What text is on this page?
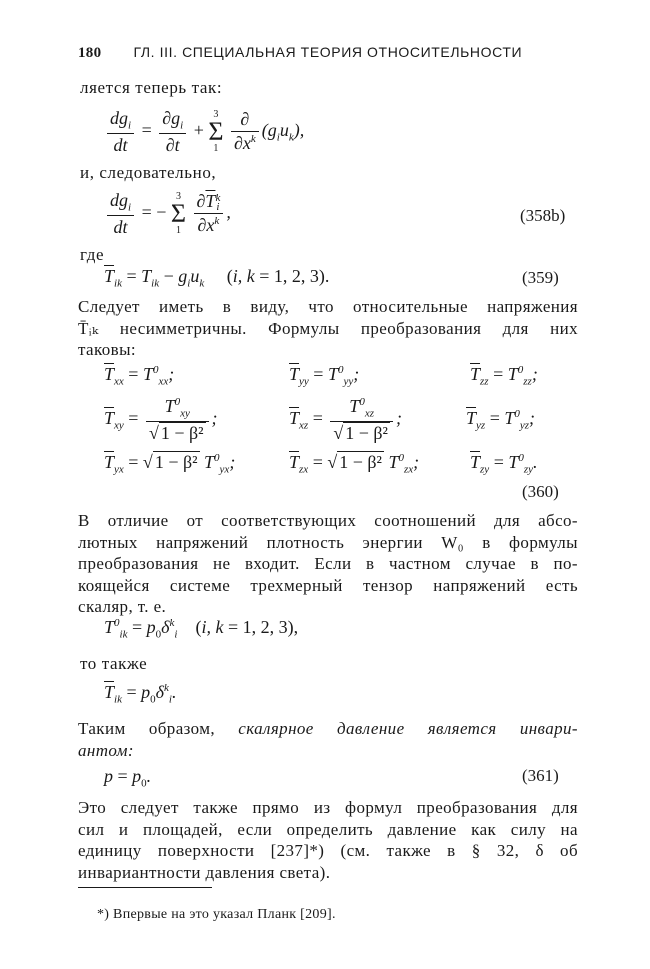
180 ГЛ. III. СПЕЦИАЛЬНАЯ ТЕОРИЯ ОТНОСИТЕЛЬНОСТИ
ляется теперь так:
$\frac{dg_i}{dt} = \frac{\partial g_i}{\partial t}$ +
3
Σ
1
$\frac{\partial}{\partial x^k} (g_iu_k)$,
и, следовательно,
$\frac{dg_i}{dt}$ = −
3
Σ
1

$\partial\overline{T}k$
i
$\partial x^k$ ,	(358b)
где
$\overline{T}_{ik} = T_{ik} - g_iu_k$ (i, k = 1, 2, 3).	(359)
Следует иметь в виду, что относительные напряжения
T̄ᵢₖ несимметричны. Формулы преобразования для них
таковы:
$\overline{T}_{xx} = T^0_{xx}$;	$\overline{T}_{yy} = T^0_{yy}$;	$\overline{T}_{zz} = T^0_{zz}$;
$\overline{T}_{xy} = \frac{T^0_{xy}}{\text{√ 1 − β²}}$ ;	$\overline{T}_{xz} = \frac{T^0_{xz}}{\text{√ 1 − β²}}$ ;	$\overline{T}_{yz} = T^0_{yz}$;
$\overline{T}_{yx}$ = √ 1 − β² $T^0_{yx}$;	$\overline{T}_{zx}$ = √ 1 − β² $T^0_{zx}$;	$\overline{T}_{zy} = T^0_{zy}$.
(360)
В отличие от соответствующих соотношений для абсо-
лютных напряжений плотность энергии W₀ в формулы
преобразования не входит. Если в частном случае в по-
коящейся системе трехмерный тензор напряжений есть
скаляр, т. е.
$T^0_{ik} = p_0\delta^k_i$ (i, k = 1, 2, 3),
то также
$\overline{T}_{ik} = p_0\delta^k_i$.
Таким образом, скалярное давление является инвари-
антом:
$p = p_0$.	(361)
Это следует также прямо из формул преобразования для
сил и площадей, если определить давление как силу на
единицу поверхности [237]*) (см. также в § 32, δ об
инвариантности давления света).
*) Впервые на это указал Планк [209].
